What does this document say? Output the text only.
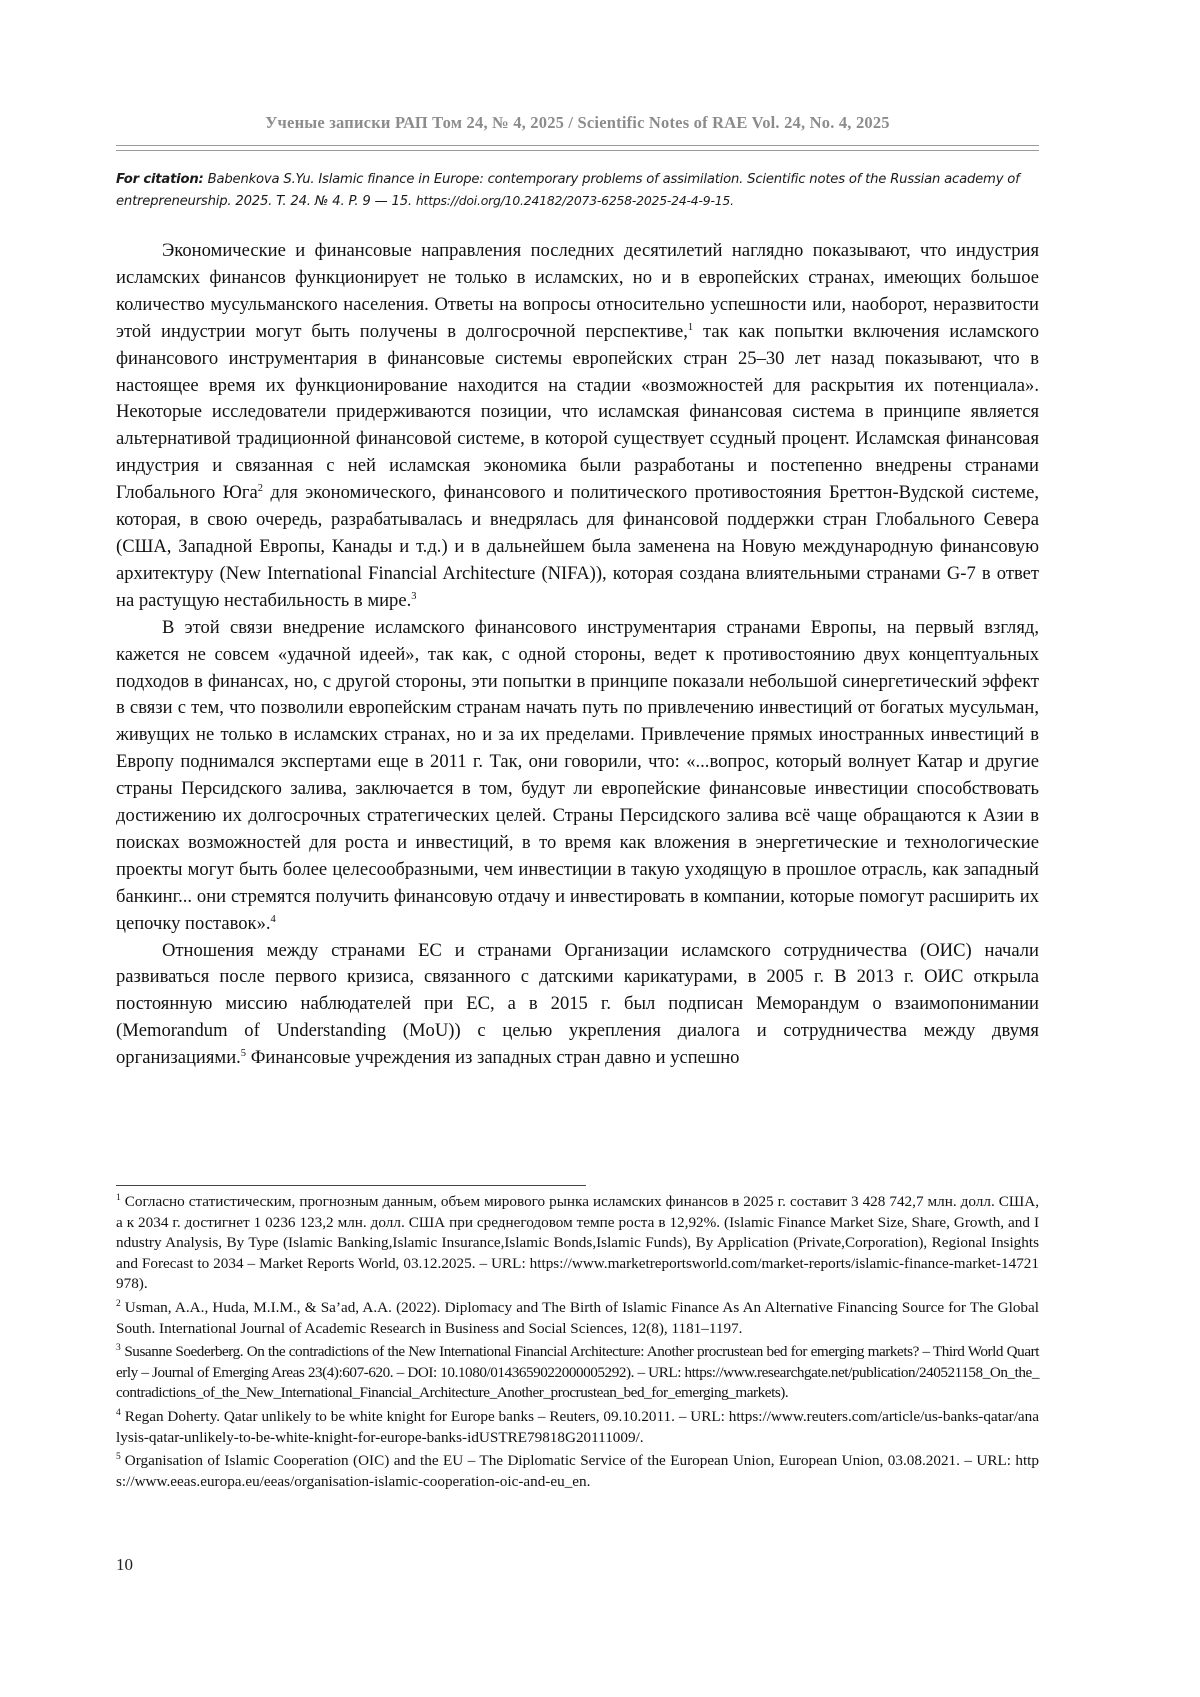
Ученые записки РАП Том 24, № 4, 2025 / Scientific Notes of RAE Vol. 24, No. 4, 2025
For citation: Babenkova S.Yu. Islamic finance in Europe: contemporary problems of assimilation. Scientific notes of the Russian academy of entrepreneurship. 2025. T. 24. № 4. P. 9 — 15. https://doi.org/10.24182/2073-6258-2025-24-4-9-15.

Экономические и финансовые направления последних десятилетий наглядно показывают, что индустрия исламских финансов функционирует не только в исламских, но и в европейских странах, имеющих большое количество мусульманского населения. Ответы на вопросы относительно успешности или, наоборот, неразвитости этой индустрии могут быть получены в долгосрочной перспективе,$^1$ так как попытки включения исламского финансового инструментария в финансовые системы европейских стран 25–30 лет назад показывают, что в настоящее время их функционирование находится на стадии «возможностей для раскрытия их потенциала». Некоторые исследователи придерживаются позиции, что исламская финансовая система в принципе является альтернативой традиционной финансовой системе, в которой существует ссудный процент. Исламская финансовая индустрия и связанная с ней исламская экономика были разработаны и постепенно внедрены странами Глобального Юга$^2$ для экономического, финансового и политического противостояния Бреттон-Вудской системе, которая, в свою очередь, разрабатывалась и внедрялась для финансовой поддержки стран Глобального Севера (США, Западной Европы, Канады и т.д.) и в дальнейшем была заменена на Новую международную финансовую архитектуру (New International Financial Architecture (NIFA)), которая создана влиятельными странами G-7 в ответ на растущую нестабильность в мире.$^3$

В этой связи внедрение исламского финансового инструментария странами Европы, на первый взгляд, кажется не совсем «удачной идеей», так как, с одной стороны, ведет к противостоянию двух концептуальных подходов в финансах, но, с другой стороны, эти попытки в принципе показали небольшой синергетический эффект в связи с тем, что позволили европейским странам начать путь по привлечению инвестиций от богатых мусульман, живущих не только в исламских странах, но и за их пределами. Привлечение прямых иностранных инвестиций в Европу поднимался экспертами еще в 2011 г. Так, они говорили, что: «...вопрос, который волнует Катар и другие страны Персидского залива, заключается в том, будут ли европейские финансовые инвестиции способствовать достижению их долгосрочных стратегических целей. Страны Персидского залива всё чаще обращаются к Азии в поисках возможностей для роста и инвестиций, в то время как вложения в энергетические и технологические проекты могут быть более целесообразными, чем инвестиции в такую уходящую в прошлое отрасль, как западный банкинг... они стремятся получить финансовую отдачу и инвестировать в компании, которые помогут расширить их цепочку поставок».$^4$

Отношения между странами ЕС и странами Организации исламского сотрудничества (ОИС) начали развиваться после первого кризиса, связанного с датскими карикатурами, в 2005 г. В 2013 г. ОИС открыла постоянную миссию наблюдателей при ЕС, а в 2015 г. был подписан Меморандум о взаимопонимании (Memorandum of Understanding (MoU)) с целью укрепления диалога и сотрудничества между двумя организациями.$^5$ Финансовые учреждения из западных стран давно и успешно

$^1$ Согласно статистическим, прогнозным данным, объем мирового рынка исламских финансов в 2025 г. составит 3 428 742,7 млн. долл. США, а к 2034 г. достигнет 1 0236 123,2 млн. долл. США при среднегодовом темпе роста в 12,92%. (Islamic Finance Market Size, Share, Growth, and Industry Analysis, By Type (Islamic Banking,Islamic Insurance,Islamic Bonds,Islamic Funds), By Application (Private,Corporation), Regional Insights and Forecast to 2034 – Market Reports World, 03.12.2025. – URL: https://www.marketreportsworld.com/market-reports/islamic-finance-market-14721978).

$^2$ Usman, A.A., Huda, M.I.M., & Sa’ad, A.A. (2022). Diplomacy and The Birth of Islamic Finance As An Alternative Financing Source for The Global South. International Journal of Academic Research in Business and Social Sciences, 12(8), 1181–1197.

$^3$ Susanne Soederberg. On the contradictions of the New International Financial Architecture: Another procrustean bed for emerging markets? – Third World Quarterly – Journal of Emerging Areas 23(4):607-620. – DOI: 10.1080/0143659022000005292). – URL: https://www.researchgate.net/publication/240521158_On_the_contradictions_of_the_New_International_Financial_Architecture_Another_procrustean_bed_for_emerging_markets).

$^4$ Regan Doherty. Qatar unlikely to be white knight for Europe banks – Reuters, 09.10.2011. – URL: https://www.reuters.com/article/us-banks-qatar/analysis-qatar-unlikely-to-be-white-knight-for-europe-banks-idUSTRE79818G20111009/.

$^5$ Organisation of Islamic Cooperation (OIC) and the EU – The Diplomatic Service of the European Union, European Union, 03.08.2021. – URL: https://www.eeas.europa.eu/eeas/organisation-islamic-cooperation-oic-and-eu_en.

10
